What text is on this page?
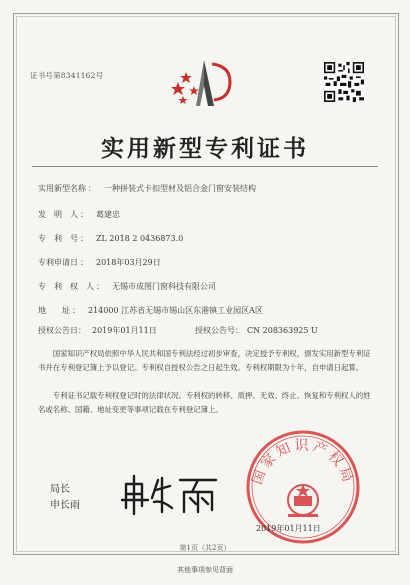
证书号第8341162号
实用新型专利证书
实用新型名称 ： 一种拼装式卡扣型材及铝合金门窗安装结构
发　明　人 ： 葛建忠
专　利　号 ： ZL 2018 2 0436873.0
专利申请日 ： 2018年03月29日
专　利　权　人 ： 无锡市成图门窗科技有限公司
地　　址 ： 214000 江苏省无锡市锡山区东港镇工业园区A区
授权公告日： 2019年01月11日	授权公告号： CN 208363925 U
国家知识产权局依照中华人民共和国专利法经过初步审查，决定授予专利权，颁发实用新型专利证书并在专利登记簿上予以登记。专利权自授权公告之日起生效。专利权期限为十年，自申请日起算。
专利证书记载专利权登记时的法律状况。专利权的转移、质押、无效、终止、恢复和专利权人的姓名或名称、国籍、地址变更等事项记载在专利登记簿上。
国家知识产权局
局长
申长雨
2019年01月11日
第1页（共2页）
其他事项参见背面
